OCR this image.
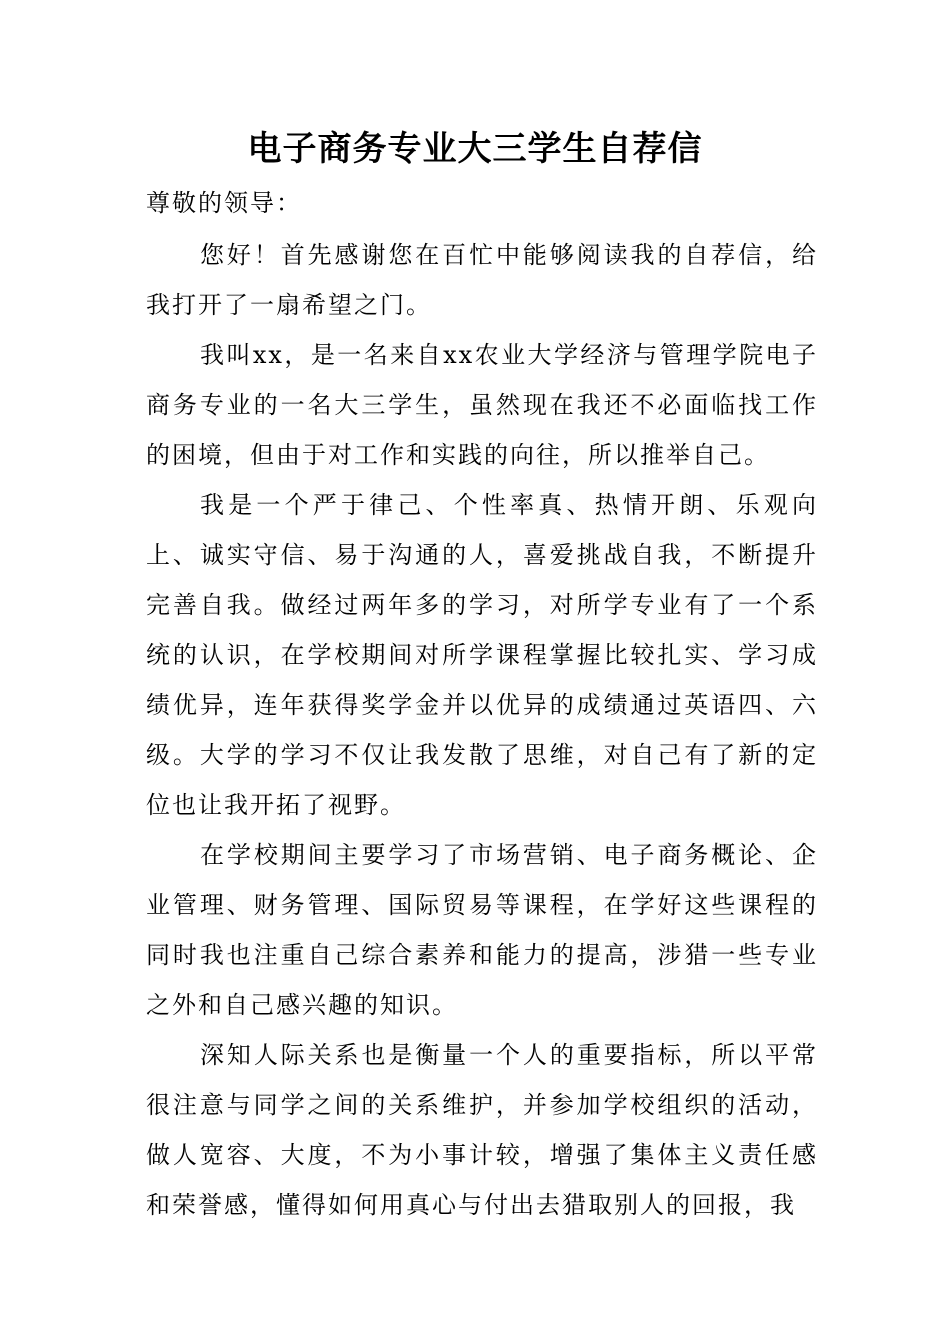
电子商务专业大三学生自荐信

尊敬的领导：

您好！首先感谢您在百忙中能够阅读我的自荐信，给我打开了一扇希望之门。

我叫xx，是一名来自xx农业大学经济与管理学院电子商务专业的一名大三学生，虽然现在我还不必面临找工作的困境，但由于对工作和实践的向往，所以推举自己。

我是一个严于律己、个性率真、热情开朗、乐观向上、诚实守信、易于沟通的人，喜爱挑战自我，不断提升完善自我。做经过两年多的学习，对所学专业有了一个系统的认识，在学校期间对所学课程掌握比较扎实、学习成绩优异，连年获得奖学金并以优异的成绩通过英语四、六级。大学的学习不仅让我发散了思维，对自己有了新的定位也让我开拓了视野。

在学校期间主要学习了市场营销、电子商务概论、企业管理、财务管理、国际贸易等课程，在学好这些课程的同时我也注重自己综合素养和能力的提高，涉猎一些专业之外和自己感兴趣的知识。

深知人际关系也是衡量一个人的重要指标，所以平常很注意与同学之间的关系维护，并参加学校组织的活动，做人宽容、大度，不为小事计较，增强了集体主义责任感和荣誉感，懂得如何用真心与付出去猎取别人的回报，我
